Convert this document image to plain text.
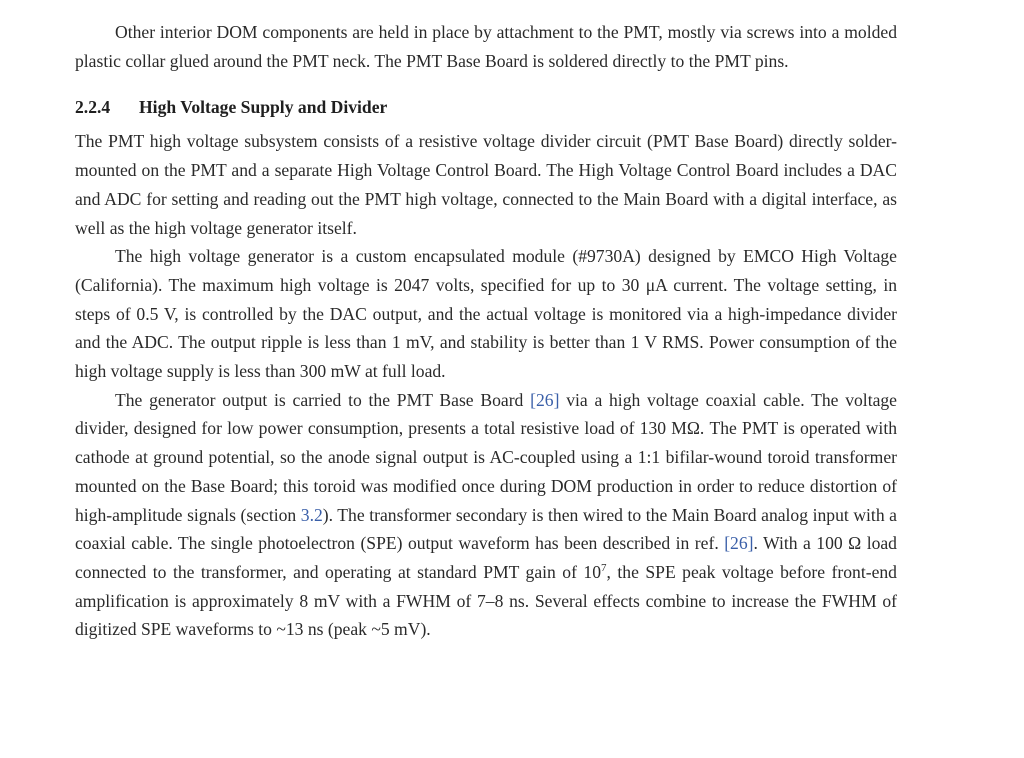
Other interior DOM components are held in place by attachment to the PMT, mostly via screws into a molded plastic collar glued around the PMT neck. The PMT Base Board is soldered directly to the PMT pins.

2.2.4 High Voltage Supply and Divider

The PMT high voltage subsystem consists of a resistive voltage divider circuit (PMT Base Board) directly solder-mounted on the PMT and a separate High Voltage Control Board. The High Voltage Control Board includes a DAC and ADC for setting and reading out the PMT high voltage, connected to the Main Board with a digital interface, as well as the high voltage generator itself.

The high voltage generator is a custom encapsulated module (#9730A) designed by EMCO High Voltage (California). The maximum high voltage is 2047 volts, specified for up to 30 μA current. The voltage setting, in steps of 0.5 V, is controlled by the DAC output, and the actual voltage is monitored via a high-impedance divider and the ADC. The output ripple is less than 1 mV, and stability is better than 1 V RMS. Power consumption of the high voltage supply is less than 300 mW at full load.

The generator output is carried to the PMT Base Board [26] via a high voltage coaxial cable. The voltage divider, designed for low power consumption, presents a total resistive load of 130 MΩ. The PMT is operated with cathode at ground potential, so the anode signal output is AC-coupled using a 1:1 bifilar-wound toroid transformer mounted on the Base Board; this toroid was modified once during DOM production in order to reduce distortion of high-amplitude signals (section 3.2). The transformer secondary is then wired to the Main Board analog input with a coaxial cable. The single photoelectron (SPE) output waveform has been described in ref. [26]. With a 100 Ω load connected to the transformer, and operating at standard PMT gain of $10^7$, the SPE peak voltage before front-end amplification is approximately 8 mV with a FWHM of 7–8 ns. Several effects combine to increase the FWHM of digitized SPE waveforms to ~13 ns (peak ~5 mV).
